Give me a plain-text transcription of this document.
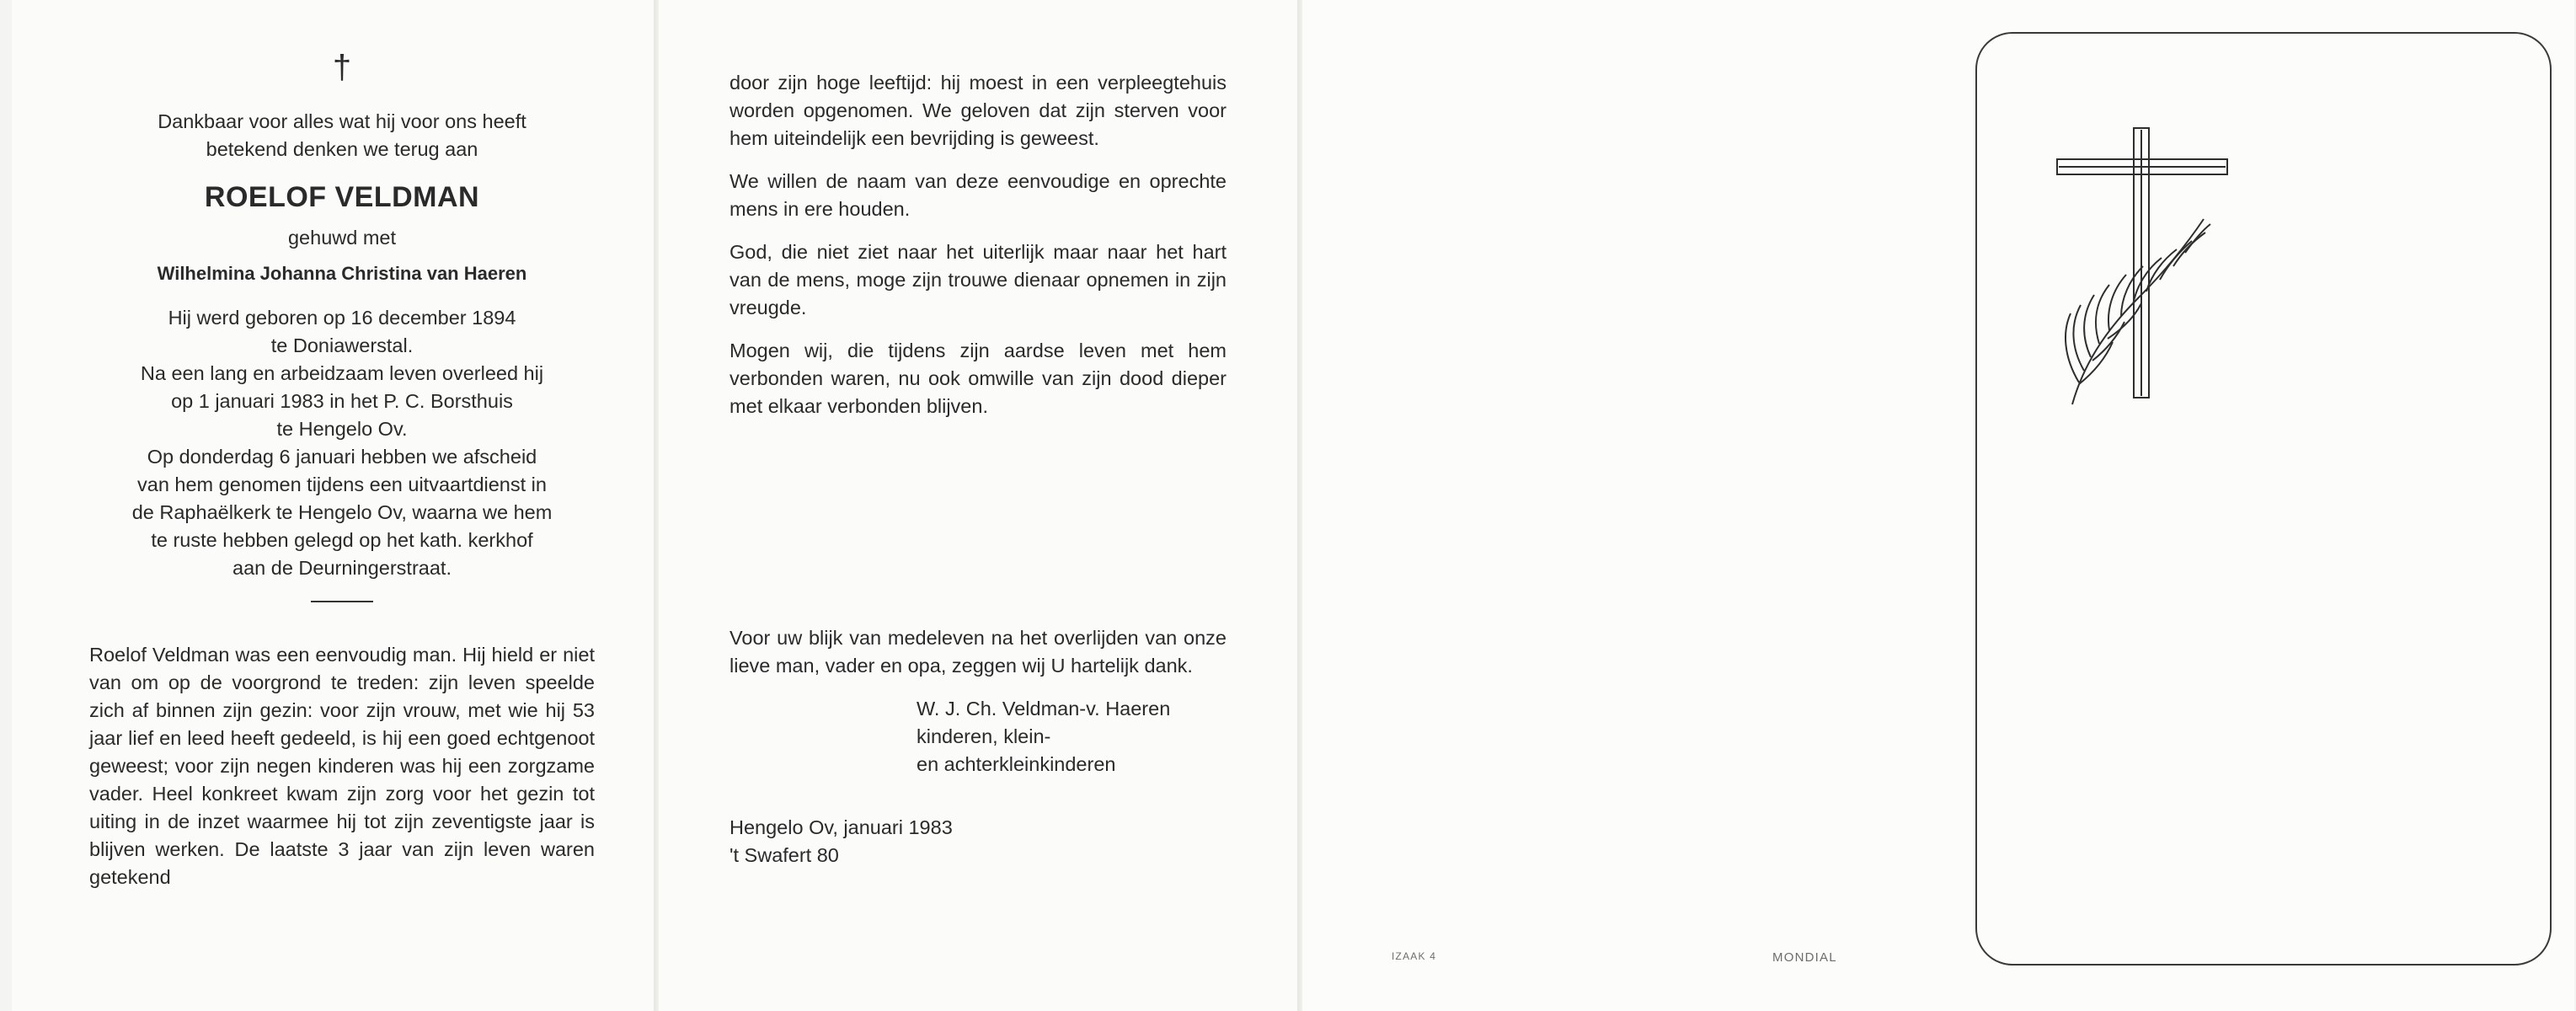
†
Dankbaar voor alles wat hij voor ons heeft
betekend denken we terug aan
ROELOF VELDMAN
gehuwd met
Wilhelmina Johanna Christina van Haeren
Hij werd geboren op 16 december 1894
te Doniawerstal.
Na een lang en arbeidzaam leven overleed hij
op 1 januari 1983 in het P. C. Borsthuis
te Hengelo Ov.
Op donderdag 6 januari hebben we afscheid
van hem genomen tijdens een uitvaartdienst in
de Raphaëlkerk te Hengelo Ov, waarna we hem
te ruste hebben gelegd op het kath. kerkhof
aan de Deurningerstraat.

Roelof Veldman was een eenvoudig man. Hij hield er niet van om op de voorgrond te treden: zijn leven speelde zich af binnen zijn gezin: voor zijn vrouw, met wie hij 53 jaar lief en leed heeft gedeeld, is hij een goed echtgenoot geweest; voor zijn negen kinderen was hij een zorgzame vader. Heel konkreet kwam zijn zorg voor het gezin tot uiting in de inzet waarmee hij tot zijn zeventigste jaar is blijven werken. De laatste 3 jaar van zijn leven waren getekend

door zijn hoge leeftijd: hij moest in een verpleegtehuis worden opgenomen. We geloven dat zijn sterven voor hem uiteindelijk een bevrijding is geweest.

We willen de naam van deze eenvoudige en oprechte mens in ere houden.

God, die niet ziet naar het uiterlijk maar naar het hart van de mens, moge zijn trouwe dienaar opnemen in zijn vreugde.

Mogen wij, die tijdens zijn aardse leven met hem verbonden waren, nu ook omwille van zijn dood dieper met elkaar verbonden blijven.

Voor uw blijk van medeleven na het overlijden van onze lieve man, vader en opa, zeggen wij U hartelijk dank.

W. J. Ch. Veldman-v. Haeren
kinderen, klein-
en achterkleinkinderen
Hengelo Ov, januari 1983
't Swafert 80
IZAAK 4	MONDIAL
